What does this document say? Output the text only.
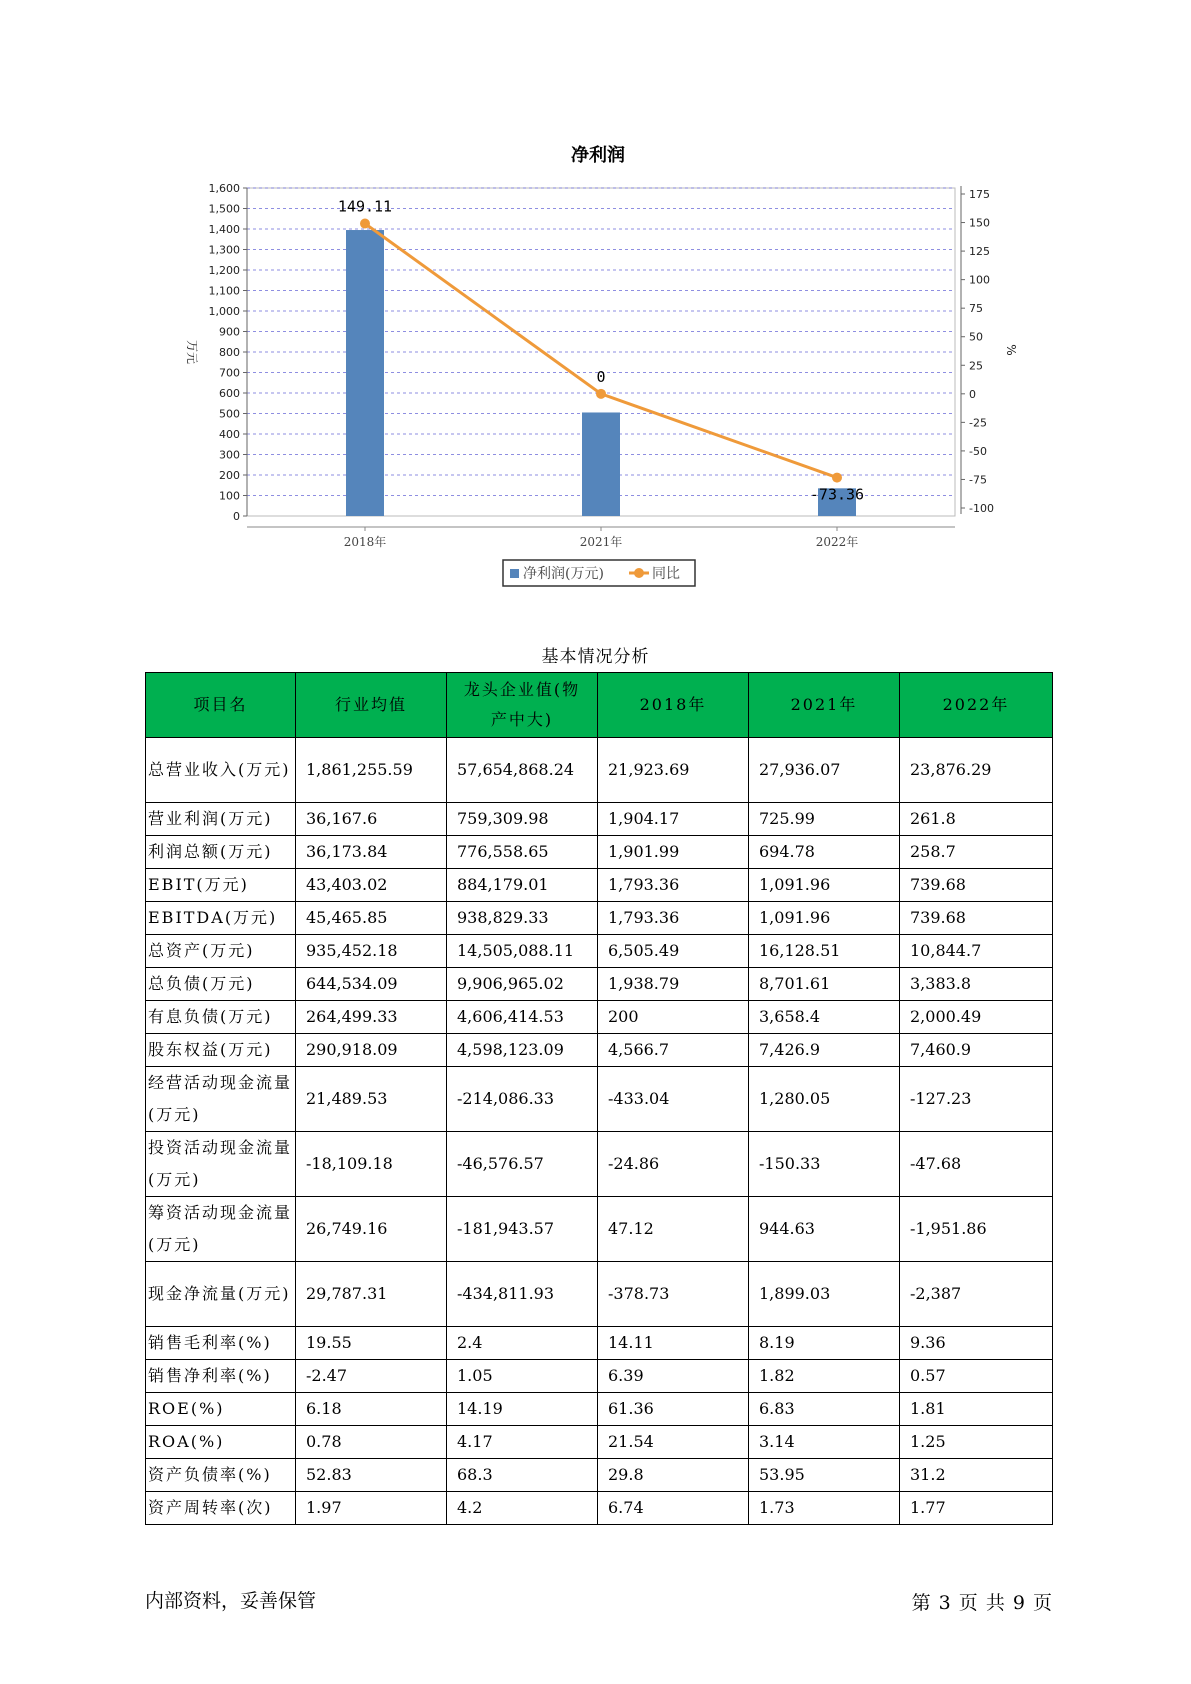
净利润
0
100
200
300
400
500
600
700
800
900
1,000
1,100
1,200
1,300
1,400
1,500
1,600
-100
-75
-50
-25
0
25
50
75
100
125
150
175
万元	%
2018年	2021年	2022年
149.11
0
-73.36
净利润(万元)	同比
基本情况分析
项目名	行业均值	龙头企业值(物产中大)	2018年	2021年	2022年
总营业收入(万元)	1,861,255.59	57,654,868.24	21,923.69	27,936.07	23,876.29
营业利润(万元)	36,167.6	759,309.98	1,904.17	725.99	261.8
利润总额(万元)	36,173.84	776,558.65	1,901.99	694.78	258.7
EBIT(万元)	43,403.02	884,179.01	1,793.36	1,091.96	739.68
EBITDA(万元)	45,465.85	938,829.33	1,793.36	1,091.96	739.68
总资产(万元)	935,452.18	14,505,088.11	6,505.49	16,128.51	10,844.7
总负债(万元)	644,534.09	9,906,965.02	1,938.79	8,701.61	3,383.8
有息负债(万元)	264,499.33	4,606,414.53	200	3,658.4	2,000.49
股东权益(万元)	290,918.09	4,598,123.09	4,566.7	7,426.9	7,460.9
经营活动现金流量(万元)	21,489.53	-214,086.33	-433.04	1,280.05	-127.23
投资活动现金流量(万元)	-18,109.18	-46,576.57	-24.86	-150.33	-47.68
筹资活动现金流量(万元)	26,749.16	-181,943.57	47.12	944.63	-1,951.86
现金净流量(万元)	29,787.31	-434,811.93	-378.73	1,899.03	-2,387
销售毛利率(%)	19.55	2.4	14.11	8.19	9.36
销售净利率(%)	-2.47	1.05	6.39	1.82	0.57
ROE(%)	6.18	14.19	61.36	6.83	1.81
ROA(%)	0.78	4.17	21.54	3.14	1.25
资产负债率(%)	52.83	68.3	29.8	53.95	31.2
资产周转率(次)	1.97	4.2	6.74	1.73	1.77
内部资料，妥善保管	第 3 页 共 9 页
